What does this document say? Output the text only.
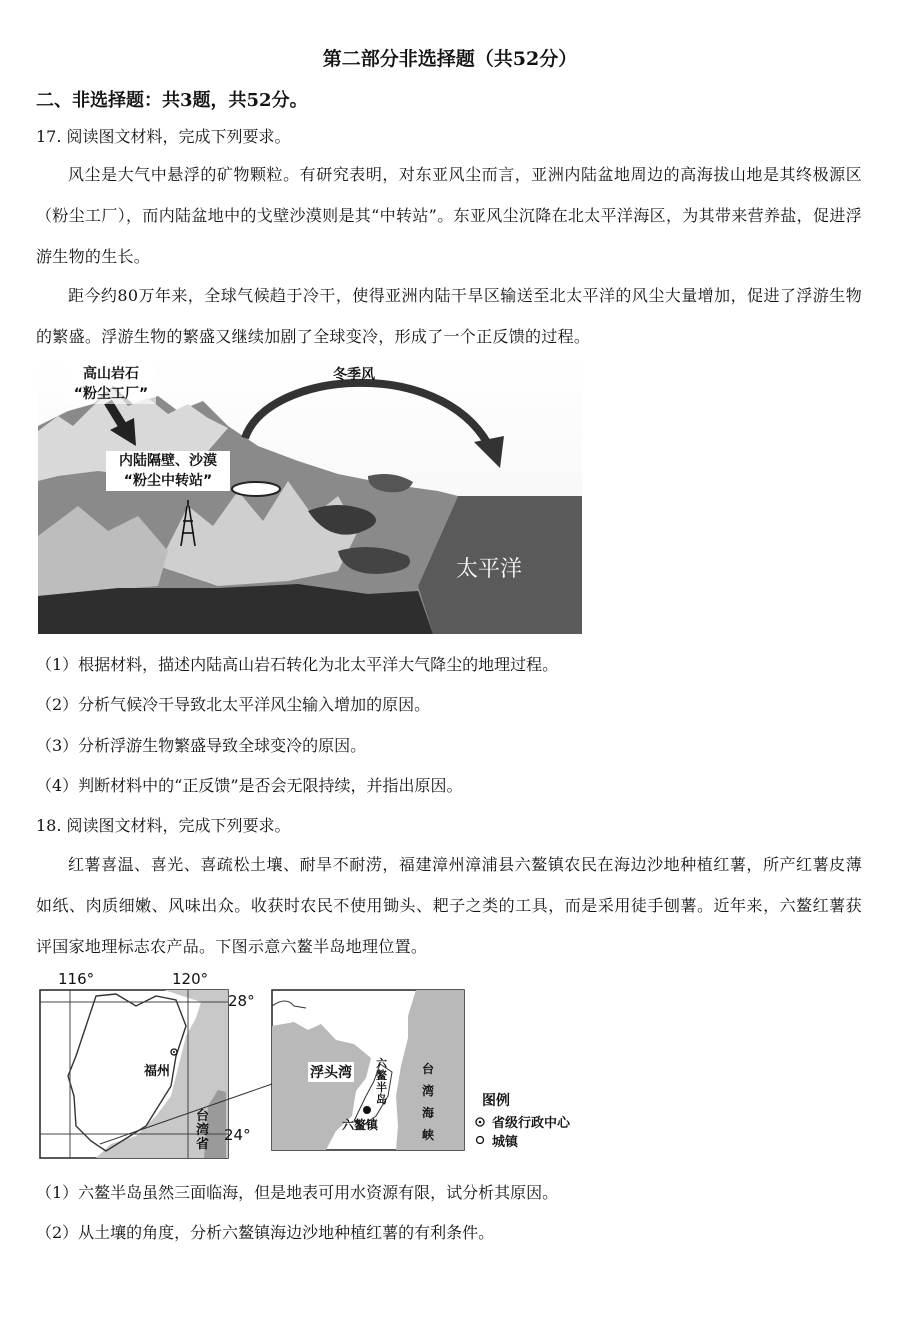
第二部分非选择题（共52分）
二、非选择题：共3题，共52分。
17. 阅读图文材料，完成下列要求。
风尘是大气中悬浮的矿物颗粒。有研究表明，对东亚风尘而言，亚洲内陆盆地周边的高海拔山地是其终极源区（粉尘工厂），而内陆盆地中的戈壁沙漠则是其“中转站”。东亚风尘沉降在北太平洋海区，为其带来营养盐，促进浮游生物的生长。
距今约80万年来，全球气候趋于冷干，使得亚洲内陆干旱区输送至北太平洋的风尘大量增加，促进了浮游生物的繁盛。浮游生物的繁盛又继续加剧了全球变冷，形成了一个正反馈的过程。
高山岩石
“粉尘工厂”
冬季风
内陆隔壁、沙漠
“粉尘中转站”
太平洋
（1）根据材料，描述内陆高山岩石转化为北太平洋大气降尘的地理过程。
（2）分析气候冷干导致北太平洋风尘输入增加的原因。
（3）分析浮游生物繁盛导致全球变冷的原因。
（4）判断材料中的“正反馈”是否会无限持续，并指出原因。
18. 阅读图文材料，完成下列要求。
红薯喜温、喜光、喜疏松土壤、耐旱不耐涝，福建漳州漳浦县六鳌镇农民在海边沙地种植红薯，所产红薯皮薄如纸、肉质细嫩、风味出众。收获时农民不使用锄头、耙子之类的工具，而是采用徒手刨薯。近年来，六鳌红薯获评国家地理标志农产品。下图示意六鳌半岛地理位置。
116°	120°
28°
24°
福州
台
湾
省
浮头湾
六
鳌
半
岛
六鳌镇
台
湾
海
峡
图例
省级行政中心
城镇
（1）六鳌半岛虽然三面临海，但是地表可用水资源有限，试分析其原因。
（2）从土壤的角度，分析六鳌镇海边沙地种植红薯的有利条件。
